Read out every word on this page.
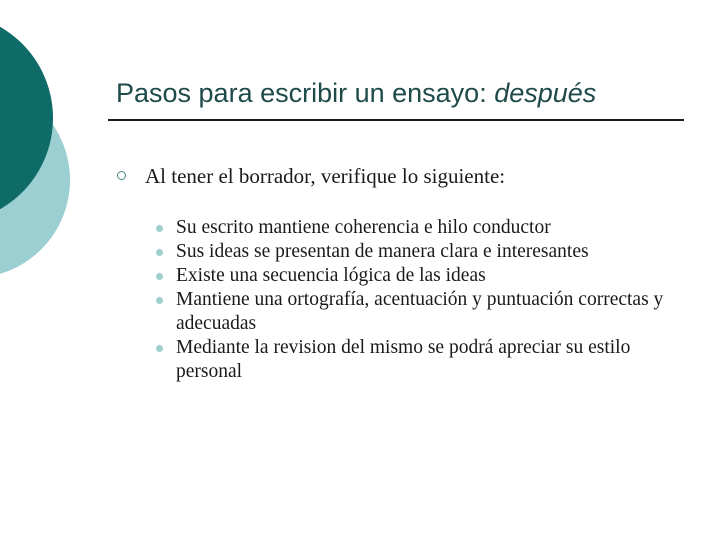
Pasos para escribir un ensayo: después
Al tener el borrador, verifique lo siguiente:
Su escrito mantiene coherencia e hilo conductor
Sus ideas se presentan de manera clara e interesantes
Existe una secuencia lógica de las ideas
Mantiene una ortografía, acentuación y puntuación correctas y adecuadas
Mediante la revision del mismo se podrá apreciar su estilo personal
